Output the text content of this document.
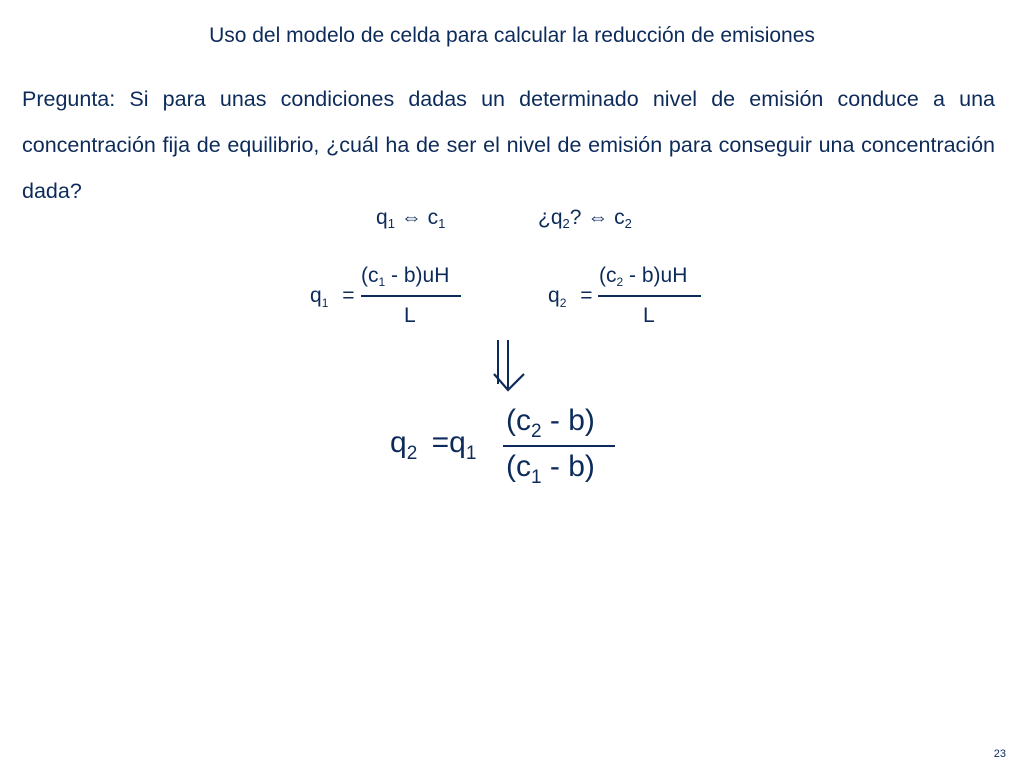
Uso del modelo de celda para calcular la reducción de emisiones
Pregunta: Si para unas condiciones dadas un determinado nivel de emisión conduce a una concentración fija de equilibrio, ¿cuál ha de ser el nivel de emisión para conseguir una concentración dada?
$q_1$ ⇔ $c_1$	¿$q_2$? ⇔ $c_2$
$q_1$ =
$(c_1 - b)uH$
L
$q_2$ =
$(c_2 - b)uH$
L
$q_2 =q_1$
$(c_2 - b)$
$(c_1 - b)$
23
